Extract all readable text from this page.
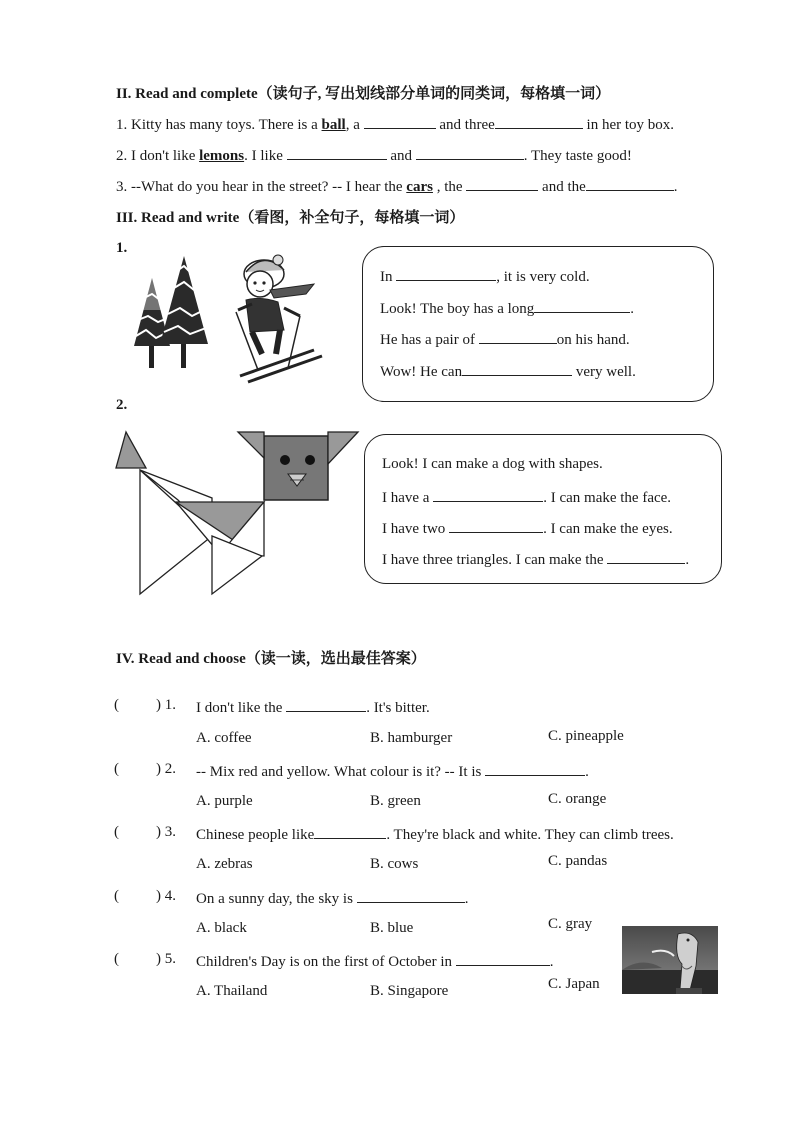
II. Read and complete（读句子, 写出划线部分单词的同类词，每格填一词）
1. Kitty has many toys. There is a ball, a	and three	in her toy box.
2. I don't like lemons. I like	and	. They taste good!
3. --What do you hear in the street? -- I hear the cars , the	and the	.
III. Read and write（看图，补全句子，每格填一词）
1.
In	, it is very cold.
Look! The boy has a long	.
He has a pair of	on his hand.
Wow! He can	very well.
2.
Look! I can make a dog with shapes.
I have a	. I can make the face.
I have two	. I can make the eyes.
I have three triangles. I can make the	.
IV. Read and choose（读一读，选出最佳答案）
( ) 1. I don't like the	. It's bitter.
A. coffee	B. hamburger	C. pineapple
( ) 2. -- Mix red and yellow. What colour is it? -- It is	.
A. purple	B. green	C. orange
( ) 3. Chinese people like	. They're black and white. They can climb trees.
A. zebras	B. cows	C. pandas
( ) 4. On a sunny day, the sky is	.
A. black	B. blue	C. gray
( ) 5. Children's Day is on the first of October in	.
A. Thailand	B. Singapore	C. Japan
